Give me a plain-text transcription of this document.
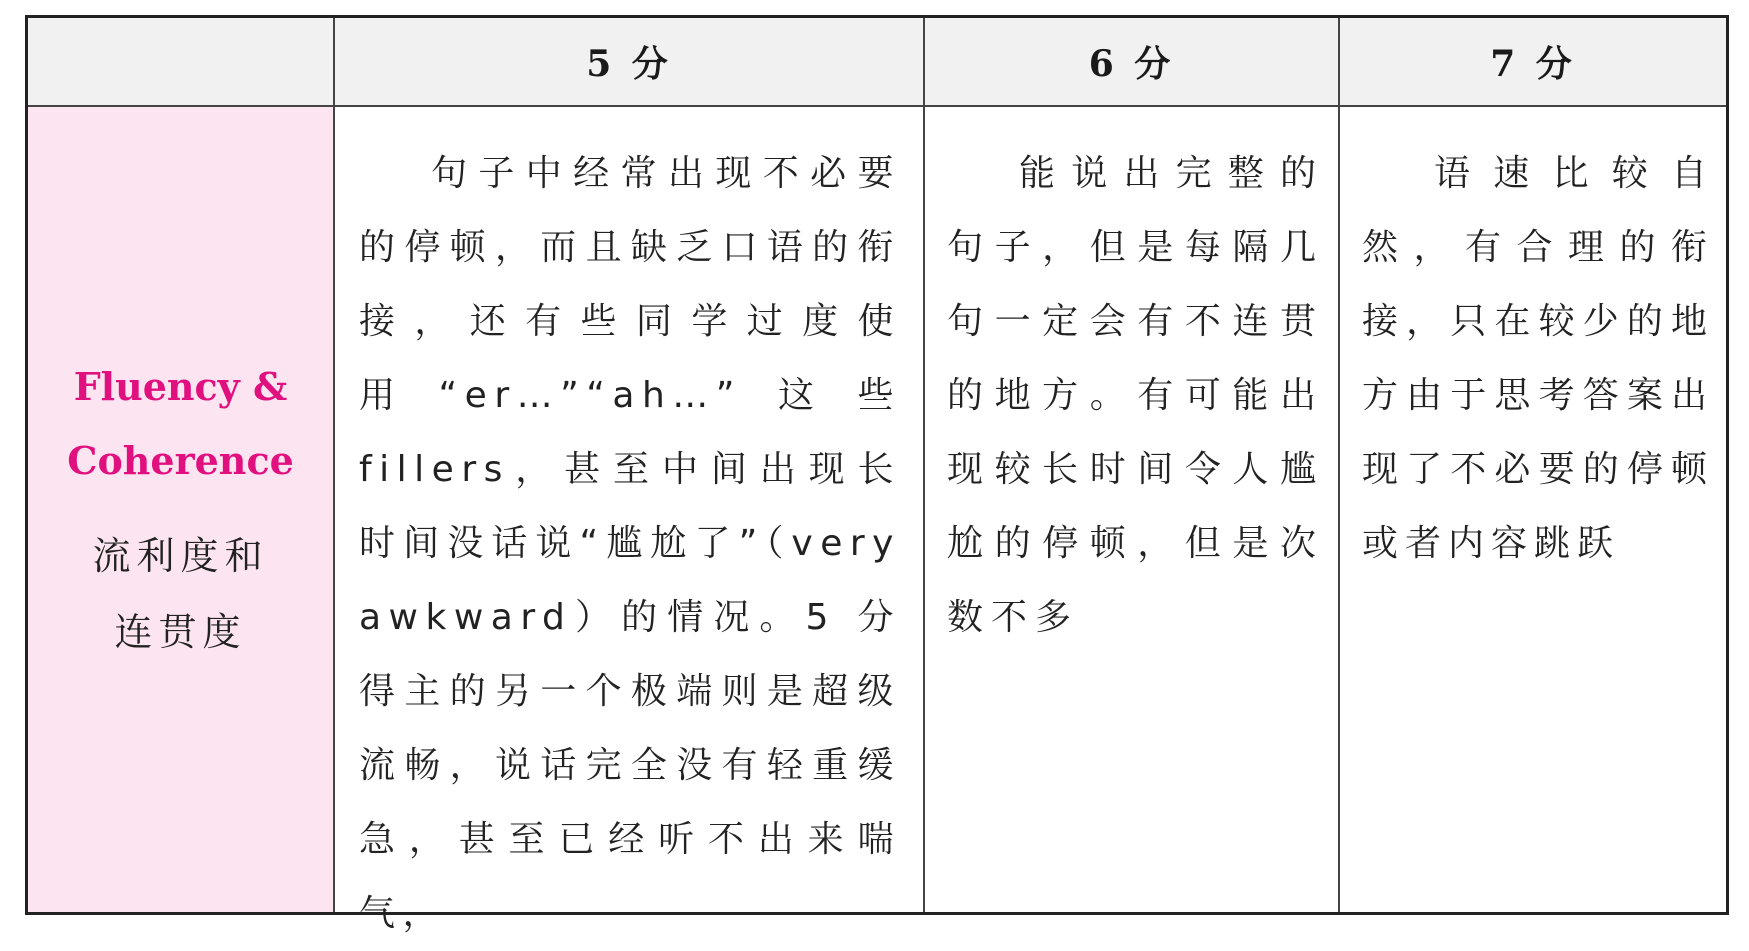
5 分	6 分	7 分
Fluency &
Coherence
流利度和连贯度

句子中经常出现不必要的停顿，而且缺乏口语的衔接，还有些同学过度使用“er…”“ah…”这些 fillers，甚至中间出现长时间没话说“尴尬了”（very awkward）的情况。5 分得主的另一个极端则是超级流畅，说话完全没有轻重缓急，甚至已经听不出来喘气，

能说出完整的句子，但是每隔几句一定会有不连贯的地方。有可能出现较长时间令人尴尬的停顿，但是次数不多

语速比较自然，有合理的衔接，只在较少的地方由于思考答案出现了不必要的停顿或者内容跳跃
